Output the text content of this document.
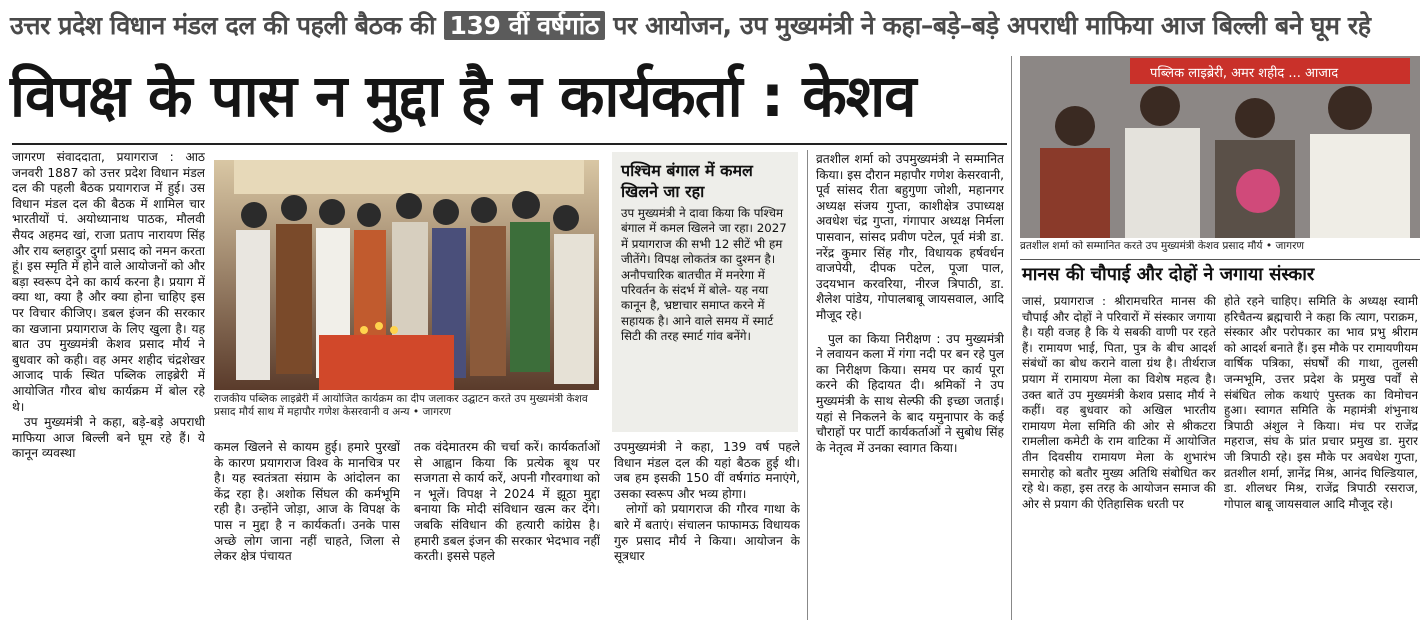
उत्तर प्रदेश विधान मंडल दल की पहली बैठक की 139 वीं वर्षगांठ पर आयोजन, उप मुख्यमंत्री ने कहा–बड़े–बड़े अपराधी माफिया आज बिल्ली बने घूम रहे
विपक्ष के पास न मुद्दा है न कार्यकर्ता : केशव

जागरण संवाददाता, प्रयागराज : आठ जनवरी 1887 को उत्तर प्रदेश विधान मंडल दल की पहली बैठक प्रयागराज में हुई। उस विधान मंडल दल की बैठक में शामिल चार भारतीयों पं. अयोध्यानाथ पाठक, मौलवी सैयद अहमद खां, राजा प्रताप नारायण सिंह और राय ब्लहादुर दुर्गा प्रसाद को नमन करता हूं। इस स्मृति में होने वाले आयोजनों को और बड़ा स्वरूप देने का कार्य करना है। प्रयाग में क्या था, क्या है और क्या होना चाहिए इस पर विचार कीजिए। डबल इंजन की सरकार का खजाना प्रयागराज के लिए खुला है। यह बात उप मुख्यमंत्री केशव प्रसाद मौर्य ने बुधवार को कही। वह अमर शहीद चंद्रशेखर आजाद पार्क स्थित पब्लिक लाइब्रेरी में आयोजित गौरव बोध कार्यक्रम में बोल रहे थे।

उप मुख्यमंत्री ने कहा, बड़े-बड़े अपराधी माफिया आज बिल्ली बने घूम रहे हैं। ये कानून व्यवस्था

राजकीय पब्लिक लाइब्रेरी में आयोजित कार्यक्रम का दीप जलाकर उद्घाटन करते उप मुख्यमंत्री केशव प्रसाद मौर्य साथ में महापौर गणेश केसरवानी व अन्य • जागरण
पश्चिम बंगाल में कमल खिलने जा रहा
उप मुख्यमंत्री ने दावा किया कि पश्चिम बंगाल में कमल खिलने जा रहा। 2027 में प्रयागराज की सभी 12 सीटें भी हम जीतेंगे। विपक्ष लोकतंत्र का दुश्मन है। अनौपचारिक बातचीत में मनरेगा में परिवर्तन के संदर्भ में बोले- यह नया कानून है, भ्रष्टाचार समाप्त करने में सहायक है। आने वाले समय में स्मार्ट सिटी की तरह स्मार्ट गांव बनेंगे।
कमल खिलने से कायम हुई। हमारे पुरखों के कारण प्रयागराज विश्व के मानचित्र पर है। यह स्वतंत्रता संग्राम के आंदोलन का केंद्र रहा है। अशोक सिंघल की कर्मभूमि रही है। उन्होंने जोड़ा, आज के विपक्ष के पास न मुद्दा है न कार्यकर्ता। उनके पास अच्छे लोग जाना नहीं चाहते, जिला से लेकर क्षेत्र पंचायत
तक वंदेमातरम की चर्चा करें। कार्यकर्ताओं से आह्वान किया कि प्रत्येक बूथ पर सजगता से कार्य करें, अपनी गौरवगाथा को न भूलें। विपक्ष ने 2024 में झूठा मुद्दा बनाया कि मोदी संविधान खत्म कर देंगे। जबकि संविधान की हत्यारी कांग्रेस है। हमारी डबल इंजन की सरकार भेदभाव नहीं करती। इससे पहले

उपमुख्यमंत्री ने कहा, 139 वर्ष पहले विधान मंडल दल की यहां बैठक हुई थी। जब हम इसकी 150 वीं वर्षगांठ मनाएंगे, उसका स्वरूप और भव्य होगा।

लोगों को प्रयागराज की गौरव गाथा के बारे में बताएं। संचालन फाफामऊ विधायक गुरु प्रसाद मौर्य ने किया। आयोजन के सूत्रधार

व्रतशील शर्मा को उपमुख्यमंत्री ने सम्मानित किया। इस दौरान महापौर गणेश केसरवानी, पूर्व सांसद रीता बहुगुणा जोशी, महानगर अध्यक्ष संजय गुप्ता, काशीक्षेत्र उपाध्यक्ष अवधेश चंद्र गुप्ता, गंगापार अध्यक्ष निर्मला पासवान, सांसद प्रवीण पटेल, पूर्व मंत्री डा. नरेंद्र कुमार सिंह गौर, विधायक हर्षवर्धन वाजपेयी, दीपक पटेल, पूजा पाल, उदयभान करवरिया, नीरज त्रिपाठी, डा. शैलेश पांडेय, गोपालबाबू जायसवाल, आदि मौजूद रहे।

पुल का किया निरीक्षण : उप मुख्यमंत्री ने लवायन कला में गंगा नदी पर बन रहे पुल का निरीक्षण किया। समय पर कार्य पूरा करने की हिदायत दी। श्रमिकों ने उप मुख्यमंत्री के साथ सेल्फी की इच्छा जताई। यहां से निकलने के बाद यमुनापार के कई चौराहों पर पार्टी कार्यकर्ताओं ने सुबोध सिंह के नेतृत्व में उनका स्वागत किया।

पब्लिक लाइब्रेरी, अमर शहीद ... आजाद
व्रतशील शर्मा को सम्मानित करते उप मुख्यमंत्री केशव प्रसाद मौर्य • जागरण
मानस की चौपाई और दोहों ने जगाया संस्कार
जासं, प्रयागराज : श्रीरामचरित मानस की चौपाई और दोहों ने परिवारों में संस्कार जगाया है। यही वजह है कि ये सबकी वाणी पर रहते हैं। रामायण भाई, पिता, पुत्र के बीच आदर्श संबंधों का बोध कराने वाला ग्रंथ है। तीर्थराज प्रयाग में रामायण मेला का विशेष महत्व है। उक्त बातें उप मुख्यमंत्री केशव प्रसाद मौर्य ने कहीं। वह बुधवार को अखिल भारतीय रामायण मेला समिति की ओर से श्रीकटरा रामलीला कमेटी के राम वाटिका में आयोजित तीन दिवसीय रामायण मेला के शुभारंभ समारोह को बतौर मुख्य अतिथि संबोधित कर रहे थे। कहा, इस तरह के आयोजन समाज की ओर से प्रयाग की ऐतिहासिक धरती पर
होते रहने चाहिए। समिति के अध्यक्ष स्वामी हरिचैतन्य ब्रह्मचारी ने कहा कि त्याग, पराक्रम, संस्कार और परोपकार का भाव प्रभु श्रीराम को आदर्श बनाते हैं। इस मौके पर रामायणीयम वार्षिक पत्रिका, संघर्षों की गाथा, तुलसी जन्मभूमि, उत्तर प्रदेश के प्रमुख पर्वों से संबंधित लोक कथाएं पुस्तक का विमोचन हुआ। स्वागत समिति के महामंत्री शंभुनाथ त्रिपाठी अंशुल ने किया। मंच पर राजेंद्र महराज, संघ के प्रांत प्रचार प्रमुख डा. मुरार जी त्रिपाठी रहे। इस मौके पर अवधेश गुप्ता, व्रतशील शर्मा, ज्ञानेंद्र मिश्र, आनंद घिल्डियाल, डा. शीलधर मिश्र, राजेंद्र त्रिपाठी रसराज, गोपाल बाबू जायसवाल आदि मौजूद रहे।
